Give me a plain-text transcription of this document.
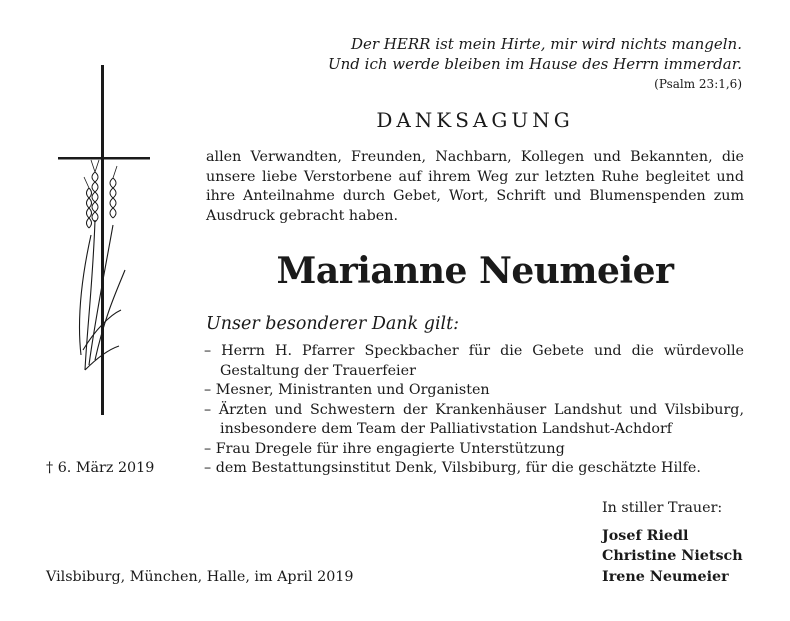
Der HERR ist mein Hirte, mir wird nichts mangeln.
Und ich werde bleiben im Hause des Herrn immerdar.
(Psalm 23:1,6)
DANKSAGUNG
allen Verwandten, Freunden, Nachbarn, Kollegen und Bekannten, die unsere liebe Verstorbene auf ihrem Weg zur letzten Ruhe begleitet und ihre Anteilnahme durch Gebet, Wort, Schrift und Blumenspenden zum Ausdruck gebracht haben.
Marianne Neumeier
Unser besonderer Dank gilt:
– Herrn H. Pfarrer Speckbacher für die Gebete und die würdevolle Gestaltung der Trauerfeier
– Mesner, Ministranten und Organisten
– Ärzten und Schwestern der Krankenhäuser Landshut und Vilsbiburg, insbesondere dem Team der Palliativstation Landshut-Achdorf
– Frau Dregele für ihre engagierte Unterstützung
– dem Bestattungsinstitut Denk, Vilsbiburg, für die geschätzte Hilfe.
† 6. März 2019
In stiller Trauer:
Josef Riedl
Christine Nietsch
Irene Neumeier
Vilsbiburg, München, Halle, im April 2019
